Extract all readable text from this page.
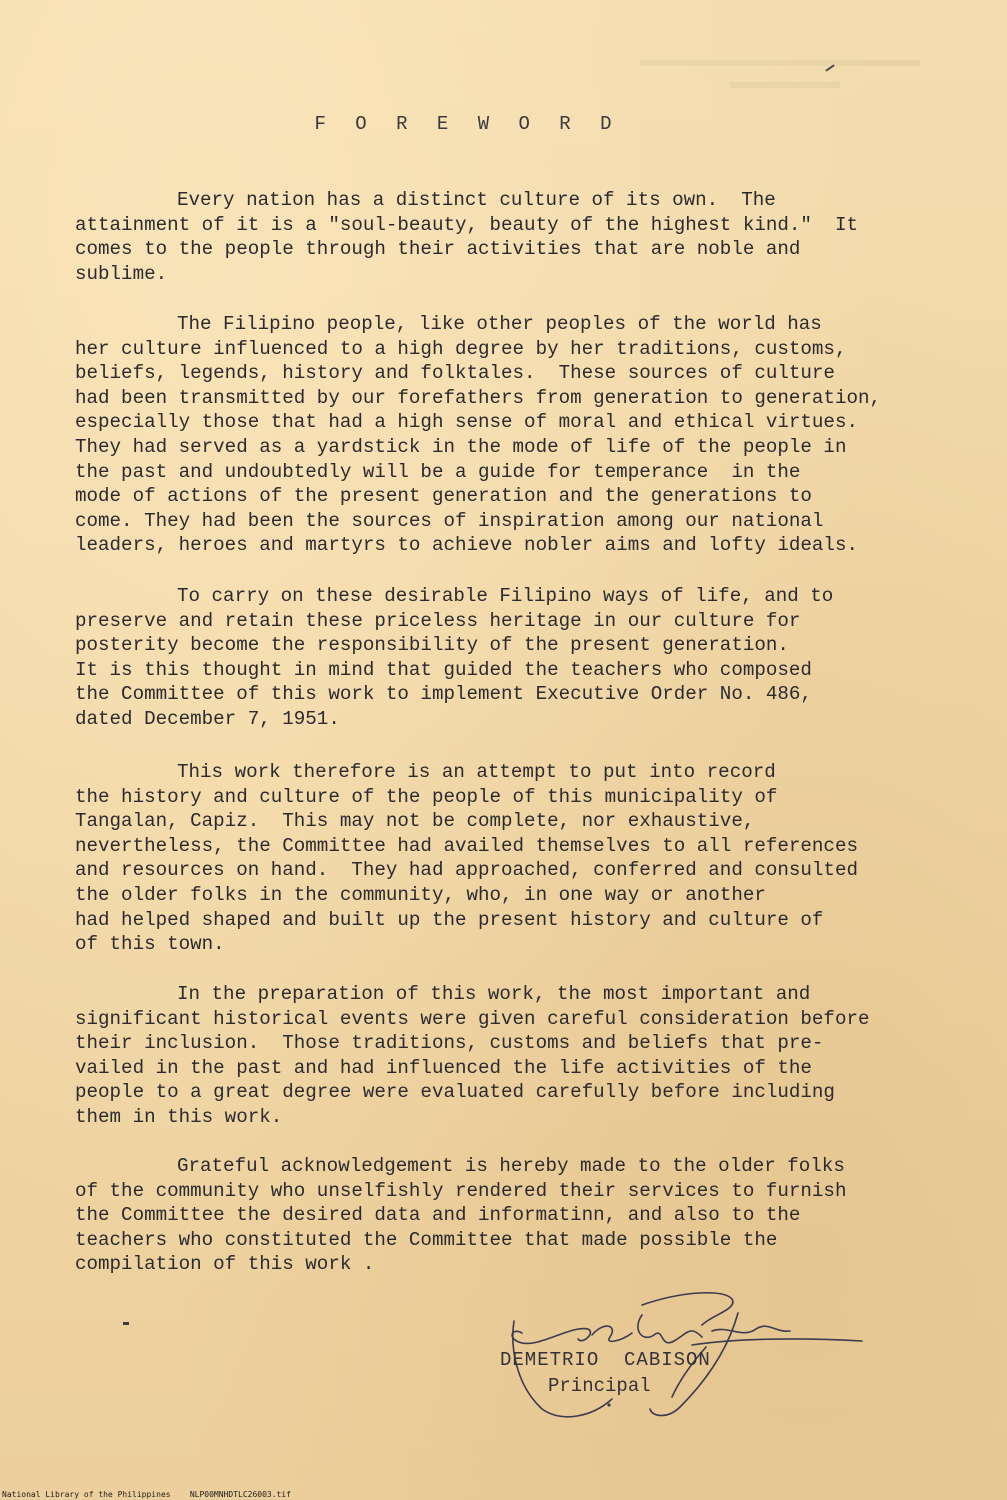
F O R E W O R D

Every nation has a distinct culture of its own.  The
attainment of it is a "soul-beauty, beauty of the highest kind."  It
comes to the people through their activities that are noble and
sublime.

The Filipino people, like other peoples of the world has
her culture influenced to a high degree by her traditions, customs,
beliefs, legends, history and folktales.  These sources of culture
had been transmitted by our forefathers from generation to generation,
especially those that had a high sense of moral and ethical virtues.
They had served as a yardstick in the mode of life of the people in
the past and undoubtedly will be a guide for temperance  in the
mode of actions of the present generation and the generations to
come. They had been the sources of inspiration among our national
leaders, heroes and martyrs to achieve nobler aims and lofty ideals.

To carry on these desirable Filipino ways of life, and to
preserve and retain these priceless heritage in our culture for
posterity become the responsibility of the present generation.
It is this thought in mind that guided the teachers who composed
the Committee of this work to implement Executive Order No. 486,
dated December 7, 1951.

This work therefore is an attempt to put into record
the history and culture of the people of this municipality of
Tangalan, Capiz.  This may not be complete, nor exhaustive,
nevertheless, the Committee had availed themselves to all references
and resources on hand.  They had approached, conferred and consulted
the older folks in the community, who, in one way or another
had helped shaped and built up the present history and culture of
of this town.

In the preparation of this work, the most important and
significant historical events were given careful consideration before
their inclusion.  Those traditions, customs and beliefs that pre-
vailed in the past and had influenced the life activities of the
people to a great degree were evaluated carefully before including
them in this work.

Grateful acknowledgement is hereby made to the older folks
of the community who unselfishly rendered their services to furnish
the Committee the desired data and informatinn, and also to the
teachers who constituted the Committee that made possible the
compilation of this work .

DEMETRIO  CABISON
Principal
National Library of the Philippines    NLP00MNHDTLC26003.tif
